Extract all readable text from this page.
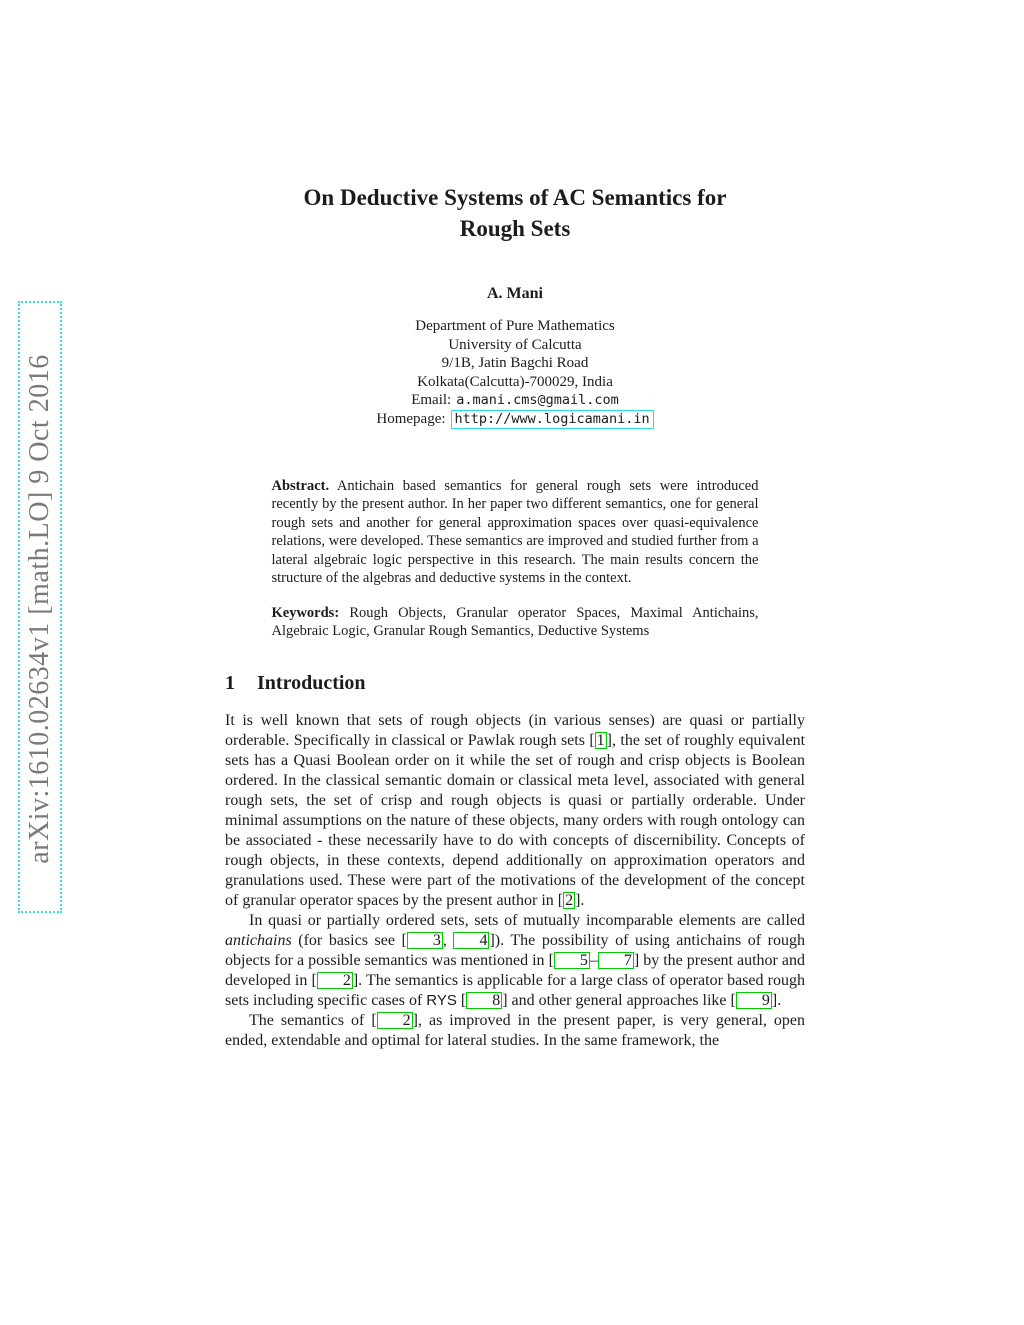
arXiv:1610.02634v1 [math.LO] 9 Oct 2016
On Deductive Systems of AC Semantics for
Rough Sets
A. Mani
Department of Pure Mathematics
University of Calcutta
9/1B, Jatin Bagchi Road
Kolkata(Calcutta)-700029, India
Email: a.mani.cms@gmail.com
Homepage: http://www.logicamani.in
Abstract. Antichain based semantics for general rough sets were introduced recently by the present author. In her paper two different semantics, one for general rough sets and another for general approximation spaces over quasi-equivalence relations, were developed. These semantics are improved and studied further from a lateral algebraic logic perspective in this research. The main results concern the structure of the algebras and deductive systems in the context.
Keywords: Rough Objects, Granular operator Spaces, Maximal Antichains, Algebraic Logic, Granular Rough Semantics, Deductive Systems
1 Introduction

It is well known that sets of rough objects (in various senses) are quasi or partially orderable. Specifically in classical or Pawlak rough sets [ 1 ], the set of roughly equivalent sets has a Quasi Boolean order on it while the set of rough and crisp objects is Boolean ordered. In the classical semantic domain or classical meta level, associated with general rough sets, the set of crisp and rough objects is quasi or partially orderable. Under minimal assumptions on the nature of these objects, many orders with rough ontology can be associated - these necessarily have to do with concepts of discernibility. Concepts of rough objects, in these contexts, depend additionally on approximation operators and granulations used. These were part of the motivations of the development of the concept of granular operator spaces by the present author in [ 2 ].

In quasi or partially ordered sets, sets of mutually incomparable elements are called antichains (for basics see [ 3 , 4 ]). The possibility of using antichains of rough objects for a possible semantics was mentioned in [ 5 – 7 ] by the present author and developed in [ 2 ]. The semantics is applicable for a large class of operator based rough sets including specific cases of RYS [ 8 ] and other general approaches like [ 9 ].

The semantics of [ 2 ], as improved in the present paper, is very general, open ended, extendable and optimal for lateral studies. In the same framework, the
